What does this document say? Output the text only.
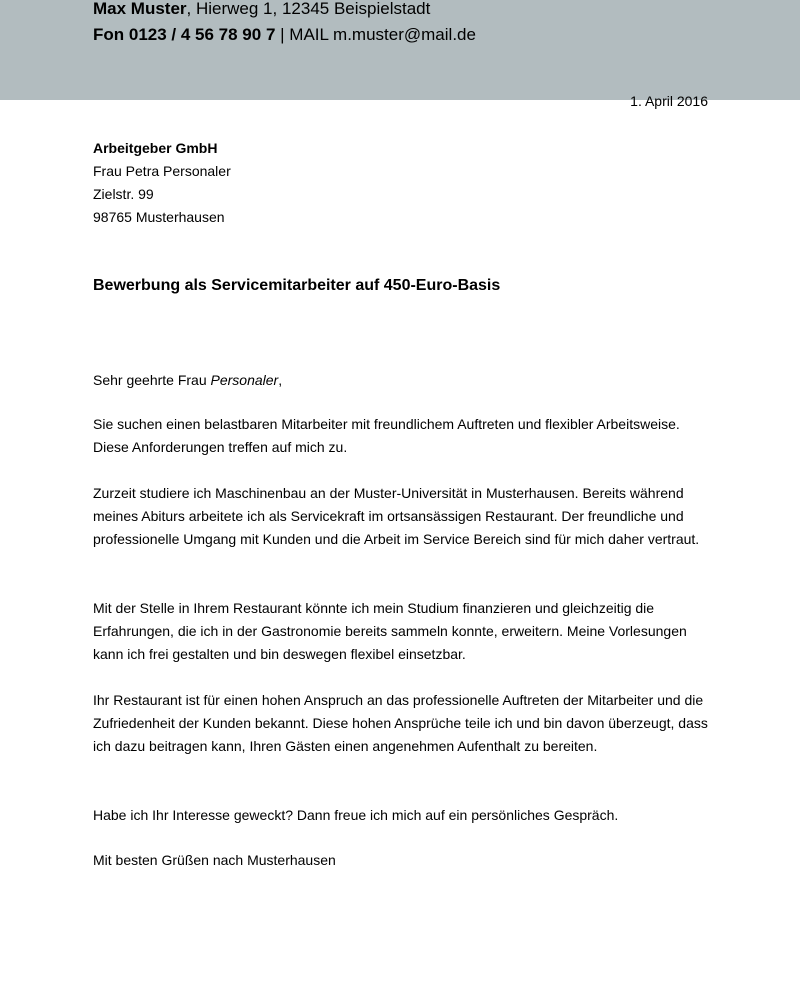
Max Muster, Hierweg 1, 12345 Beispielstadt
Fon 0123 / 4 56 78 90 7 | MAIL m.muster@mail.de
1. April 2016
Arbeitgeber GmbH
Frau Petra Personaler
Zielstr. 99
98765 Musterhausen
Bewerbung als Servicemitarbeiter auf 450-Euro-Basis
Sehr geehrte Frau Personaler,

Sie suchen einen belastbaren Mitarbeiter mit freundlichem Auftreten und flexibler Arbeitsweise. Diese Anforderungen treffen auf mich zu.

Zurzeit studiere ich Maschinenbau an der Muster-Universität in Musterhausen. Bereits während meines Abiturs arbeitete ich als Servicekraft im ortsansässigen Restaurant. Der freundliche und professionelle Umgang mit Kunden und die Arbeit im Service Bereich sind für mich daher vertraut.

Mit der Stelle in Ihrem Restaurant könnte ich mein Studium finanzieren und gleichzeitig die Erfahrungen, die ich in der Gastronomie bereits sammeln konnte, erweitern. Meine Vorlesungen kann ich frei gestalten und bin deswegen flexibel einsetzbar.

Ihr Restaurant ist für einen hohen Anspruch an das professionelle Auftreten der Mitarbeiter und die Zufriedenheit der Kunden bekannt. Diese hohen Ansprüche teile ich und bin davon überzeugt, dass ich dazu beitragen kann, Ihren Gästen einen angenehmen Aufenthalt zu bereiten.

Habe ich Ihr Interesse geweckt? Dann freue ich mich auf ein persönliches Gespräch.

Mit besten Grüßen nach Musterhausen
